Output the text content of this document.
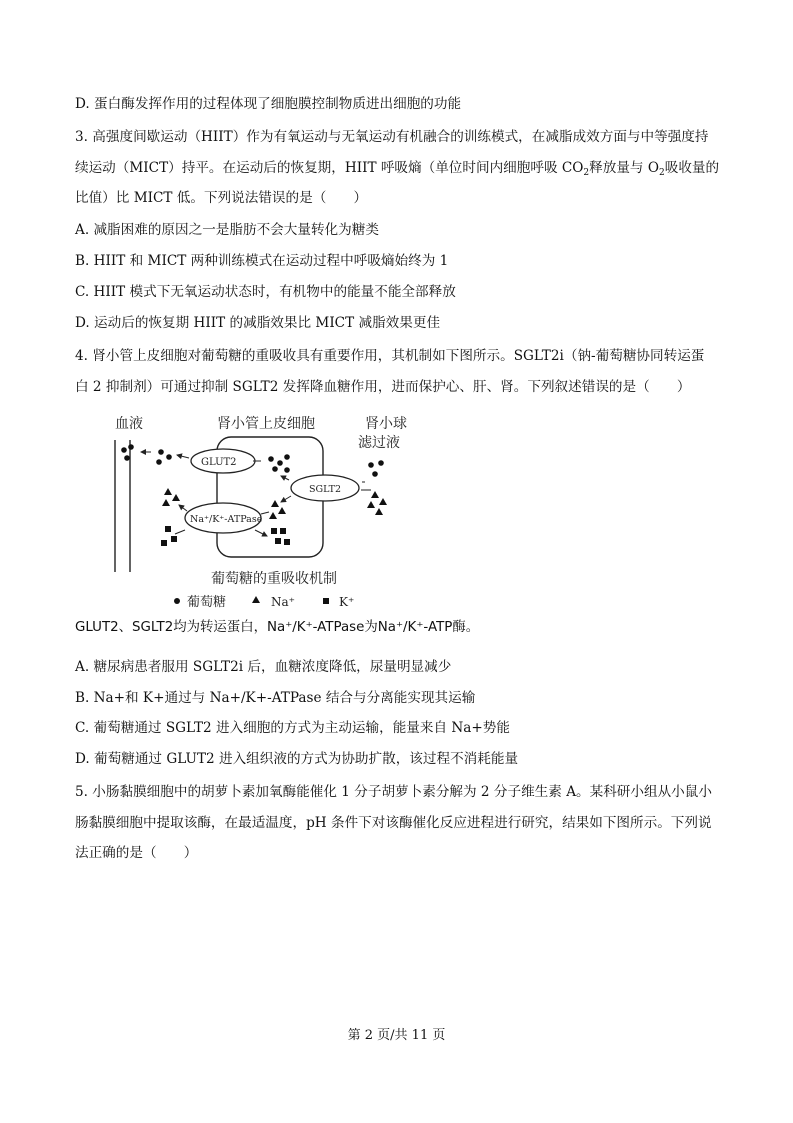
D. 蛋白酶发挥作用的过程体现了细胞膜控制物质进出细胞的功能
3. 高强度间歇运动（HIIT）作为有氧运动与无氧运动有机融合的训练模式，在减脂成效方面与中等强度持
续运动（MICT）持平。在运动后的恢复期，HIIT 呼吸熵（单位时间内细胞呼吸 $CO_2$释放量与 $O_2$吸收量的
比值）比 MICT 低。下列说法错误的是（　　）
A. 减脂困难的原因之一是脂肪不会大量转化为糖类
B. HIIT 和 MICT 两种训练模式在运动过程中呼吸熵始终为 1
C. HIIT 模式下无氧运动状态时，有机物中的能量不能全部释放
D. 运动后的恢复期 HIIT 的减脂效果比 MICT 减脂效果更佳
4. 肾小管上皮细胞对葡萄糖的重吸收具有重要作用，其机制如下图所示。SGLT2i（钠-葡萄糖协同转运蛋
白 2 抑制剂）可通过抑制 SGLT2 发挥降血糖作用，进而保护心、肝、肾。下列叙述错误的是（　　）
血液	肾小管上皮细胞	肾小球
滤过液
GLUT2
SGLT2
Na⁺/K⁺-ATPase
葡萄糖的重吸收机制
葡萄糖	Na⁺	K⁺
GLUT2、SGLT2均为转运蛋白，Na⁺/K⁺-ATPase为Na⁺/K⁺-ATP酶。
A. 糖尿病患者服用 SGLT2i 后，血糖浓度降低，尿量明显减少
B. Na+和 K+通过与 Na+/K+-ATPase 结合与分离能实现其运输
C. 葡萄糖通过 SGLT2 进入细胞的方式为主动运输，能量来自 Na+势能
D. 葡萄糖通过 GLUT2 进入组织液的方式为协助扩散，该过程不消耗能量
5. 小肠黏膜细胞中的胡萝卜素加氧酶能催化 1 分子胡萝卜素分解为 2 分子维生素 A。某科研小组从小鼠小
肠黏膜细胞中提取该酶，在最适温度，pH 条件下对该酶催化反应进程进行研究，结果如下图所示。下列说
法正确的是（　　）
第 2 页/共 11 页
